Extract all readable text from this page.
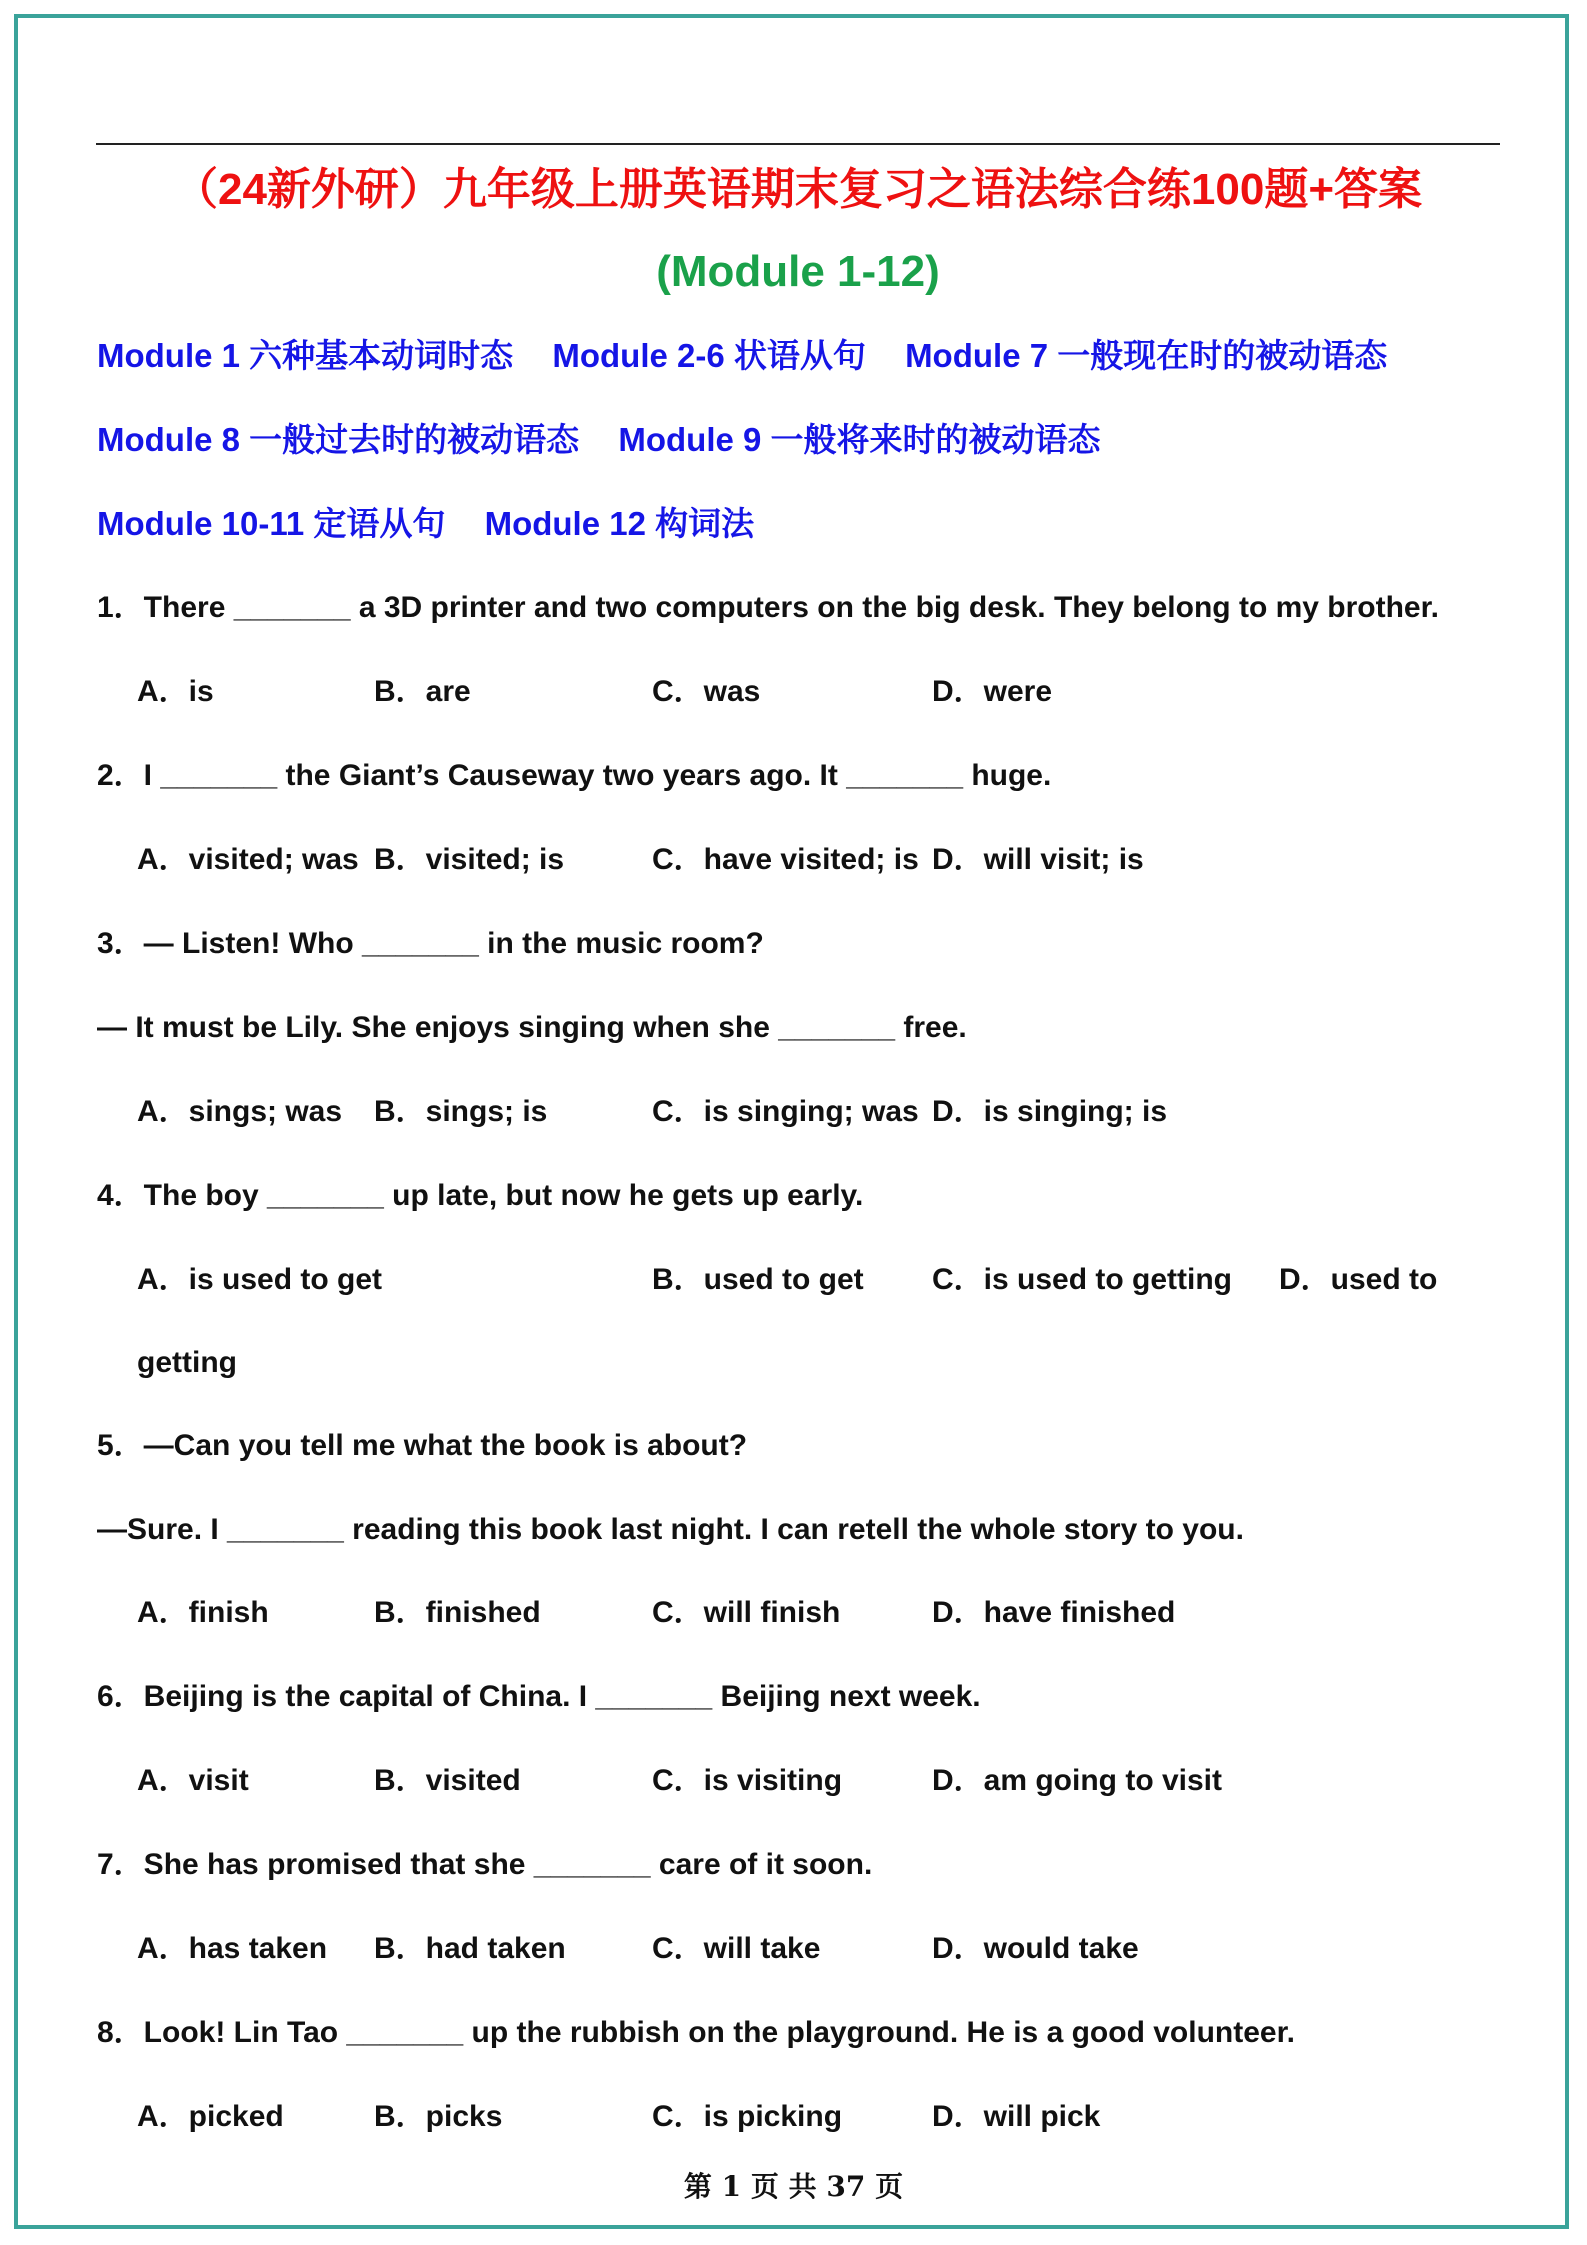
（24新外研）九年级上册英语期末复习之语法综合练100题+答案
(Module 1-12)
Module 1 六种基本动词时态 Module 2-6 状语从句 Module 7 一般现在时的被动语态
Module 8 一般过去时的被动语态 Module 9 一般将来时的被动语态
Module 10-11 定语从句 Module 12 构词法
1．There _______ a 3D printer and two computers on the big desk. They belong to my brother.
A．is	B．are	C．was	D．were
2．I _______ the Giant’s Causeway two years ago. It _______ huge.
A．visited; was B．visited; is	C．have visited; is D．will visit; is
3．— Listen! Who _______ in the music room?
— It must be Lily. She enjoys singing when she _______ free.
A．sings; was B．sings; is	C．is singing; was D．is singing; is
4．The boy _______ up late, but now he gets up early.
A．is used to get	B．used to get C．is used to getting D．used to
getting
5．—Can you tell me what the book is about?
—Sure. I _______ reading this book last night. I can retell the whole story to you.
A．finish	B．finished	C．will finish	D．have finished
6．Beijing is the capital of China. I _______ Beijing next week.
A．visit	B．visited	C．is visiting	D．am going to visit
7．She has promised that she _______ care of it soon.
A．has taken B．had taken	C．will take	D．would take
8．Look! Lin Tao _______ up the rubbish on the playground. He is a good volunteer.
A．picked	B．picks	C．is picking	D．will pick
第 1 页 共 37 页
